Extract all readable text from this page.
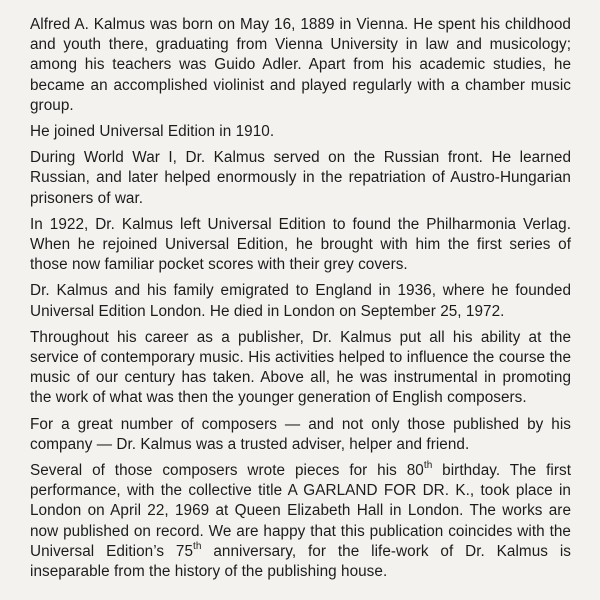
Alfred A. Kalmus was born on May 16, 1889 in Vienna. He spent his childhood and youth there, graduating from Vienna University in law and musicology; among his teachers was Guido Adler. Apart from his academic studies, he became an accomplished violinist and played regularly with a chamber music group.

He joined Universal Edition in 1910.

During World War I, Dr. Kalmus served on the Russian front. He learned Russian, and later helped enormously in the repatriation of Austro-Hungarian prisoners of war.

In 1922, Dr. Kalmus left Universal Edition to found the Philharmonia Verlag. When he rejoined Universal Edition, he brought with him the first series of those now familiar pocket scores with their grey covers.

Dr. Kalmus and his family emigrated to England in 1936, where he founded Universal Edition London. He died in London on September 25, 1972.

Throughout his career as a publisher, Dr. Kalmus put all his ability at the service of contemporary music. His activities helped to influence the course the music of our century has taken. Above all, he was instrumental in promoting the work of what was then the younger generation of English composers.

For a great number of composers — and not only those published by his company — Dr. Kalmus was a trusted adviser, helper and friend.

Several of those composers wrote pieces for his 80th birthday. The first performance, with the collective title A GARLAND FOR DR. K., took place in London on April 22, 1969 at Queen Elizabeth Hall in London. The works are now published on record. We are happy that this publication coincides with the Universal Edition’s 75th anniversary, for the life-work of Dr. Kalmus is inseparable from the history of the publishing house.
